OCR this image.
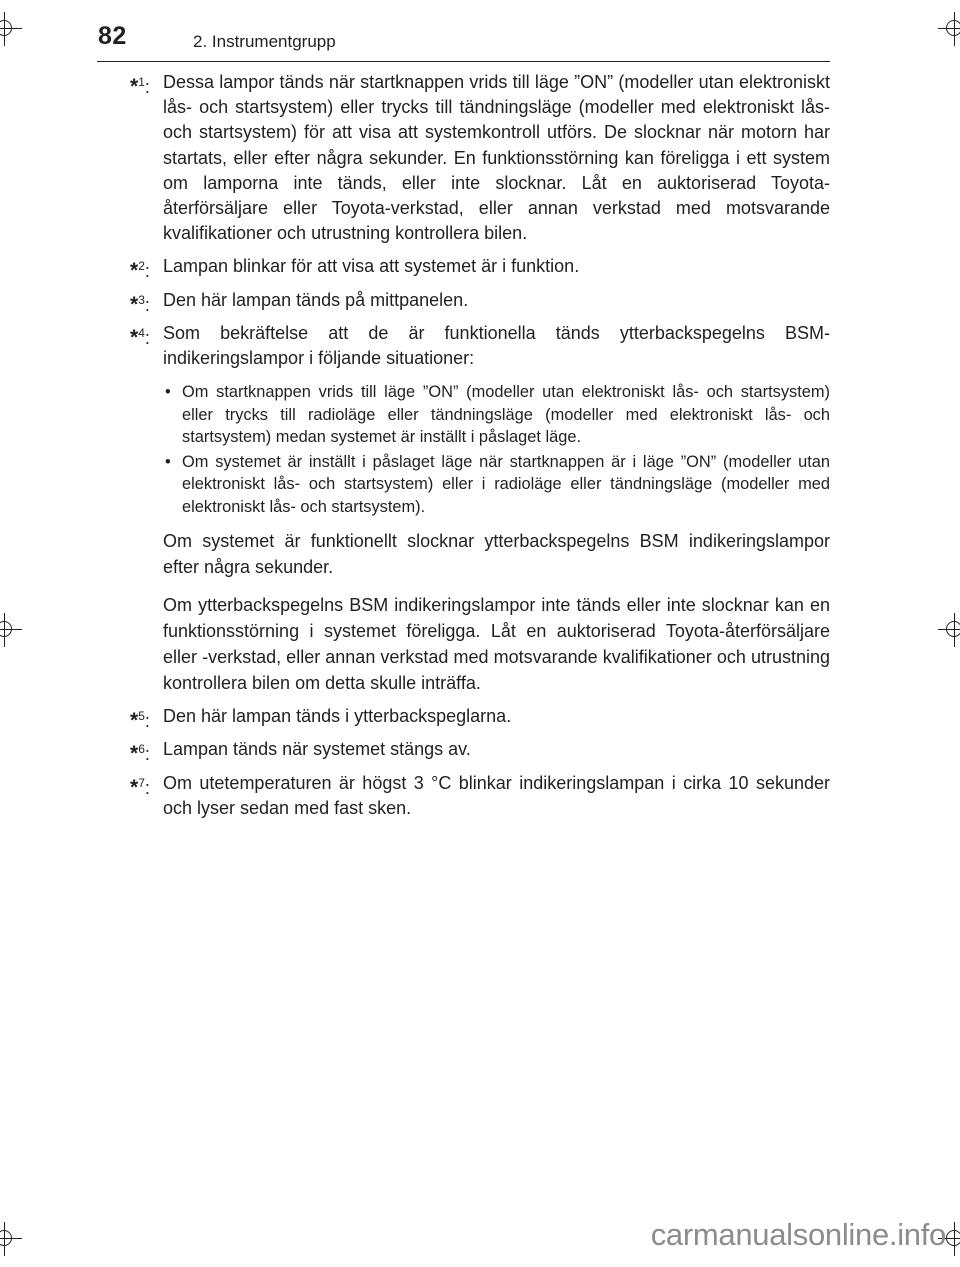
82	2. Instrumentgrupp
*$^1$: Dessa lampor tänds när startknappen vrids till läge ”ON” (modeller utan elektroniskt lås- och startsystem) eller trycks till tändningsläge (modeller med elektroniskt lås- och startsystem) för att visa att systemkontroll utförs. De slocknar när motorn har startats, eller efter några sekunder. En funktionsstörning kan föreligga i ett system om lamporna inte tänds, eller inte slocknar. Låt en auktoriserad Toyota-återförsäljare eller Toyota-verkstad, eller annan verkstad med motsvarande kvalifikationer och utrustning kontrollera bilen.
*$^2$: Lampan blinkar för att visa att systemet är i funktion.
*$^3$: Den här lampan tänds på mittpanelen.
*$^4$: Som bekräftelse att de är funktionella tänds ytterbackspegelns BSM-indikeringslampor i följande situationer:
• Om startknappen vrids till läge ”ON” (modeller utan elektroniskt lås- och startsystem) eller trycks till radioläge eller tändningsläge (modeller med elektroniskt lås- och startsystem) medan systemet är inställt i påslaget läge.
• Om systemet är inställt i påslaget läge när startknappen är i läge ”ON” (modeller utan elektroniskt lås- och startsystem) eller i radioläge eller tändningsläge (modeller med elektroniskt lås- och startsystem).
Om systemet är funktionellt slocknar ytterbackspegelns BSM indikeringslampor efter några sekunder.
Om ytterbackspegelns BSM indikeringslampor inte tänds eller inte slocknar kan en funktionsstörning i systemet föreligga. Låt en auktoriserad Toyota-återförsäljare eller -verkstad, eller annan verkstad med motsvarande kvalifikationer och utrustning kontrollera bilen om detta skulle inträffa.
*$^5$: Den här lampan tänds i ytterbackspeglarna.
*$^6$: Lampan tänds när systemet stängs av.
*$^7$: Om utetemperaturen är högst 3 °C blinkar indikeringslampan i cirka 10 sekunder och lyser sedan med fast sken.
carmanualsonline.info
